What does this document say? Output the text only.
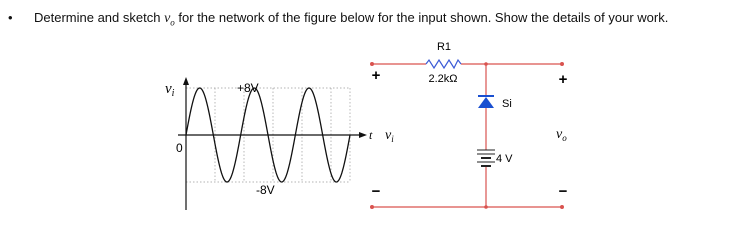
• Determine and sketch $v_o$ for the network of the figure below for the input shown. Show the details of your work.
$v_i$	+8V
-8V
0
t
+
$v_i$
−
R1
2.2kΩ
Si
4 V
+
$v_o$
−
